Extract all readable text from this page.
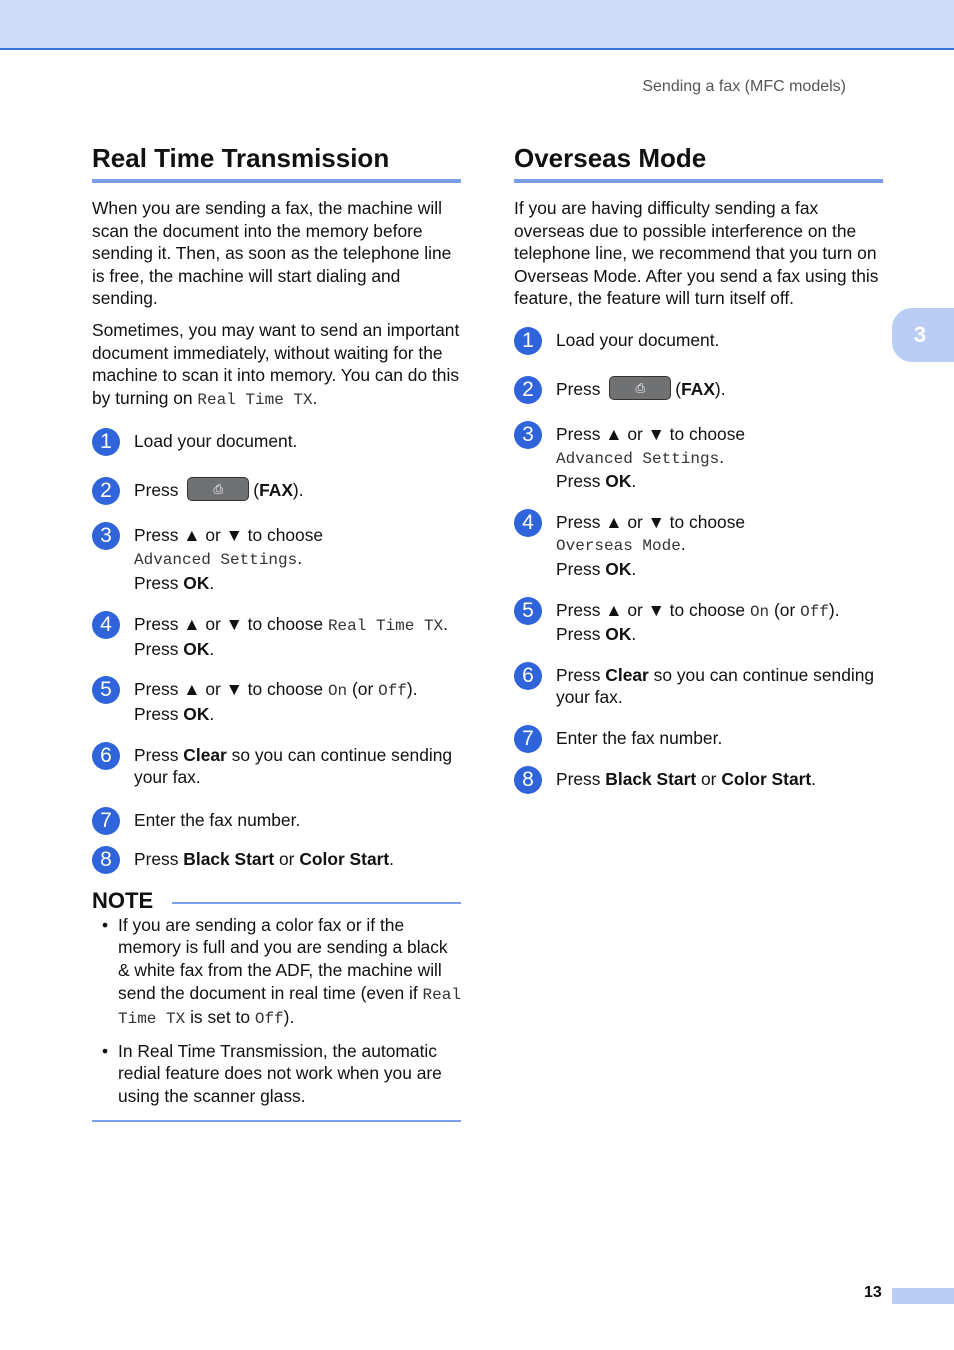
Sending a fax (MFC models)
3
Real Time Transmission

When you are sending a fax, the machine will scan the document into the memory before sending it. Then, as soon as the telephone line is free, the machine will start dialing and sending.

Sometimes, you may want to send an important document immediately, without waiting for the machine to scan it into memory. You can do this by turning on Real Time TX.

1	Load your document.
2	Press	⎙ (FAX).
3	Press ▲ or ▼ to choose
Advanced Settings.
Press OK.
4	Press ▲ or ▼ to choose Real Time TX.
Press OK.
5	Press ▲ or ▼ to choose On (or Off).
Press OK.
6	Press Clear so you can continue sending your fax.
7	Enter the fax number.
8	Press Black Start or Color Start.
NOTE
• If you are sending a color fax or if the memory is full and you are sending a black & white fax from the ADF, the machine will send the document in real time (even if Real Time TX is set to Off).
• In Real Time Transmission, the automatic redial feature does not work when you are using the scanner glass.
Overseas Mode

If you are having difficulty sending a fax overseas due to possible interference on the telephone line, we recommend that you turn on Overseas Mode. After you send a fax using this feature, the feature will turn itself off.

1	Load your document.
2	Press	⎙ (FAX).
3	Press ▲ or ▼ to choose
Advanced Settings.
Press OK.
4	Press ▲ or ▼ to choose
Overseas Mode.
Press OK.
5	Press ▲ or ▼ to choose On (or Off).
Press OK.
6	Press Clear so you can continue sending your fax.
7	Enter the fax number.
8	Press Black Start or Color Start.
13
